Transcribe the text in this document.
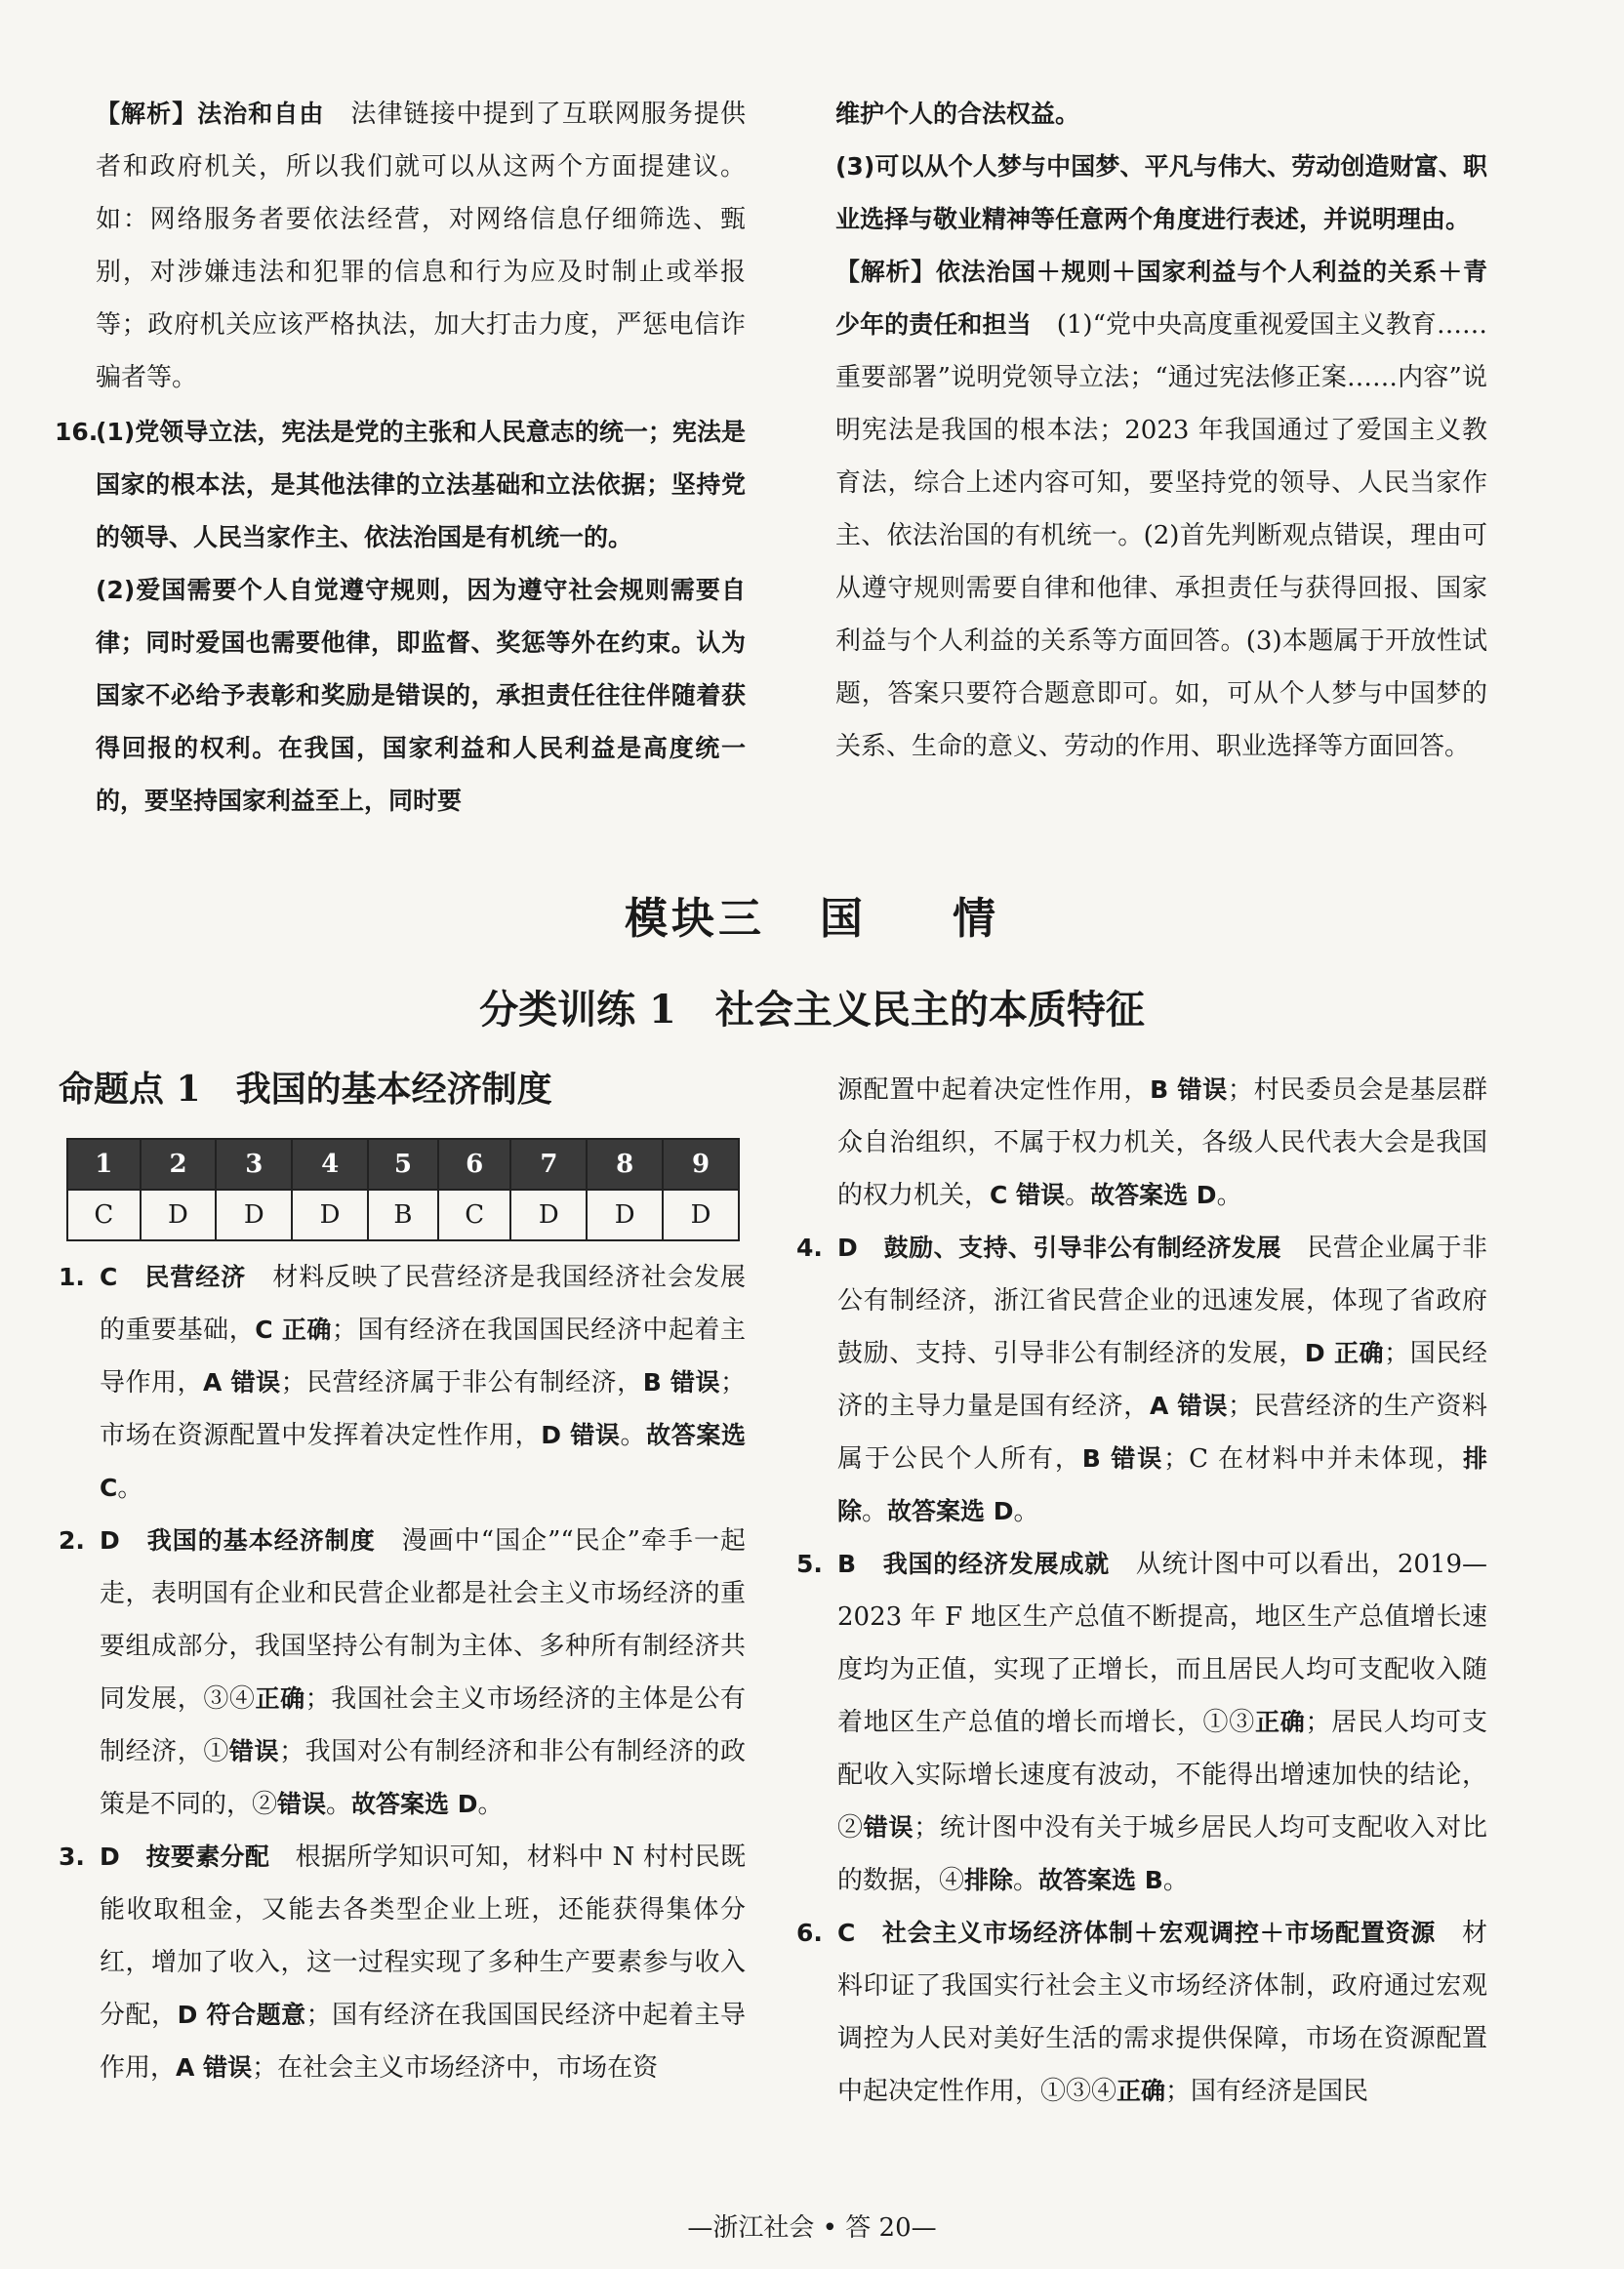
【解析】法治和自由　法律链接中提到了互联网服务提供者和政府机关，所以我们就可以从这两个方面提建议。如：网络服务者要依法经营，对网络信息仔细筛选、甄别，对涉嫌违法和犯罪的信息和行为应及时制止或举报等；政府机关应该严格执法，加大打击力度，严惩电信诈骗者等。

16.

(1)党领导立法，宪法是党的主张和人民意志的统一；宪法是国家的根本法，是其他法律的立法基础和立法依据；坚持党的领导、人民当家作主、依法治国是有机统一的。

(2)爱国需要个人自觉遵守规则，因为遵守社会规则需要自律；同时爱国也需要他律，即监督、奖惩等外在约束。认为国家不必给予表彰和奖励是错误的，承担责任往往伴随着获得回报的权利。在我国，国家利益和人民利益是高度统一的，要坚持国家利益至上，同时要

维护个人的合法权益。

(3)可以从个人梦与中国梦、平凡与伟大、劳动创造财富、职业选择与敬业精神等任意两个角度进行表述，并说明理由。

【解析】依法治国＋规则＋国家利益与个人利益的关系＋青少年的责任和担当　(1)“党中央高度重视爱国主义教育……重要部署”说明党领导立法；“通过宪法修正案……内容”说明宪法是我国的根本法；2023 年我国通过了爱国主义教育法，综合上述内容可知，要坚持党的领导、人民当家作主、依法治国的有机统一。(2)首先判断观点错误，理由可从遵守规则需要自律和他律、承担责任与获得回报、国家利益与个人利益的关系等方面回答。(3)本题属于开放性试题，答案只要符合题意即可。如，可从个人梦与中国梦的关系、生命的意义、劳动的作用、职业选择等方面回答。

模块三 国 情
分类训练 1　社会主义民主的本质特征
命题点 1　我国的基本经济制度
1	2	3	4	5	6	7	8	9
C	D	D	D	B	C	D	D	D

1. C　 民营经济　材料反映了民营经济是我国经济社会发展的重要基础，C 正确；国有经济在我国国民经济中起着主导作用，A 错误；民营经济属于非公有制经济，B 错误；市场在资源配置中发挥着决定性作用，D 错误。故答案选 C。

2. D　 我国的基本经济制度　漫画中“国企”“民企”牵手一起走，表明国有企业和民营企业都是社会主义市场经济的重要组成部分，我国坚持公有制为主体、多种所有制经济共同发展，③④正确；我国社会主义市场经济的主体是公有制经济，①错误；我国对公有制经济和非公有制经济的政策是不同的，②错误。故答案选 D。

3. D　 按要素分配　根据所学知识可知，材料中 N 村村民既能收取租金，又能去各类型企业上班，还能获得集体分红，增加了收入，这一过程实现了多种生产要素参与收入分配，D 符合题意；国有经济在我国国民经济中起着主导作用，A 错误；在社会主义市场经济中，市场在资

源配置中起着决定性作用，B 错误；村民委员会是基层群众自治组织，不属于权力机关，各级人民代表大会是我国的权力机关，C 错误。故答案选 D。

4. D　 鼓励、支持、引导非公有制经济发展　民营企业属于非公有制经济，浙江省民营企业的迅速发展，体现了省政府鼓励、支持、引导非公有制经济的发展，D 正确；国民经济的主导力量是国有经济，A 错误；民营经济的生产资料属于公民个人所有，B 错误；C 在材料中并未体现，排除。故答案选 D。

5. B　 我国的经济发展成就　从统计图中可以看出，2019—2023 年 F 地区生产总值不断提高，地区生产总值增长速度均为正值，实现了正增长，而且居民人均可支配收入随着地区生产总值的增长而增长，①③正确；居民人均可支配收入实际增长速度有波动，不能得出增速加快的结论，②错误；统计图中没有关于城乡居民人均可支配收入对比的数据，④排除。故答案选 B。

6. C　 社会主义市场经济体制＋宏观调控＋市场配置资源　材料印证了我国实行社会主义市场经济体制，政府通过宏观调控为人民对美好生活的需求提供保障，市场在资源配置中起决定性作用，①③④正确；国有经济是国民

—浙江社会 • 答 20—
